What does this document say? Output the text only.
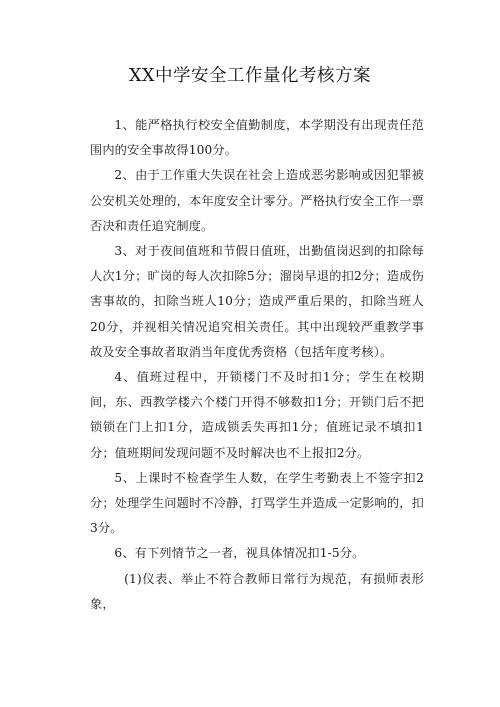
XX中学安全工作量化考核方案

1、能严格执行校安全值勤制度，本学期没有出现责任范围内的安全事故得100分。

2、由于工作重大失误在社会上造成恶劣影响或因犯罪被公安机关处理的，本年度安全计零分。严格执行安全工作一票否决和责任追究制度。

3、对于夜间值班和节假日值班，出勤值岗迟到的扣除每人次1分；旷岗的每人次扣除5分；溜岗早退的扣2分；造成伤害事故的，扣除当班人10分；造成严重后果的，扣除当班人20分，并视相关情况追究相关责任。其中出现较严重教学事故及安全事故者取消当年度优秀资格（包括年度考核）。

4、值班过程中，开锁楼门不及时扣1分；学生在校期间，东、西教学楼六个楼门开得不够数扣1分；开锁门后不把锁锁在门上扣1分，造成锁丢失再扣1分；值班记录不填扣1分；值班期间发现问题不及时解决也不上报扣2分。

5、上课时不检查学生人数，在学生考勤表上不签字扣2分；处理学生问题时不冷静，打骂学生并造成一定影响的，扣3分。

6、有下列情节之一者，视具体情况扣1-5分。

(1)仪表、举止不符合教师日常行为规范，有损师表形象，
